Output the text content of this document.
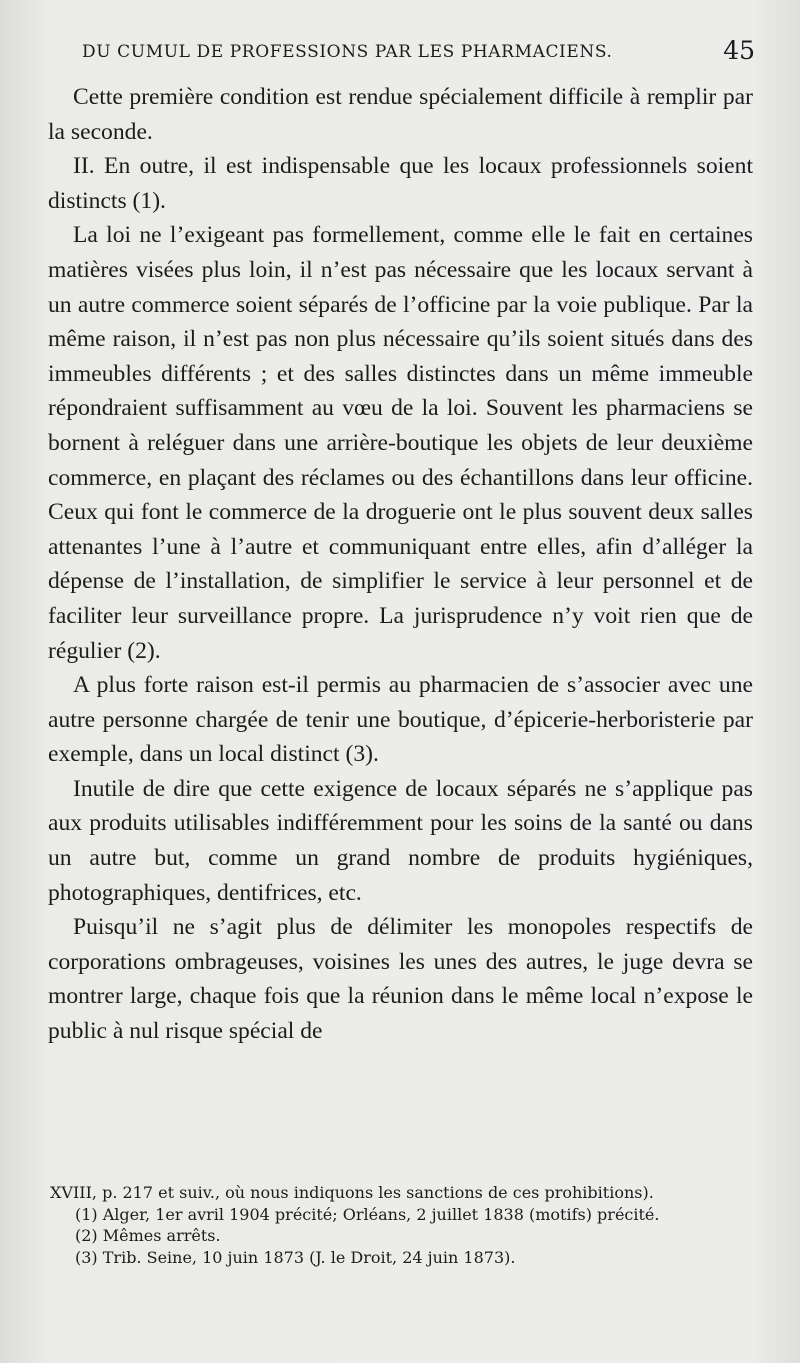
DU CUMUL DE PROFESSIONS PAR LES PHARMACIENS.	45

Cette première condition est rendue spécialement difficile à remplir par la seconde.

II. En outre, il est indispensable que les locaux professionnels soient distincts (1).

La loi ne l’exigeant pas formellement, comme elle le fait en certaines matières visées plus loin, il n’est pas nécessaire que les locaux servant à un autre commerce soient séparés de l’officine par la voie publique. Par la même raison, il n’est pas non plus nécessaire qu’ils soient situés dans des immeubles différents ; et des salles distinctes dans un même immeuble répondraient suffisamment au vœu de la loi. Souvent les pharmaciens se bornent à reléguer dans une arrière-boutique les objets de leur deuxième commerce, en plaçant des réclames ou des échantillons dans leur officine. Ceux qui font le commerce de la droguerie ont le plus souvent deux salles attenantes l’une à l’autre et communiquant entre elles, afin d’alléger la dépense de l’installation, de simplifier le service à leur personnel et de faciliter leur surveillance propre. La jurisprudence n’y voit rien que de régulier (2).

A plus forte raison est-il permis au pharmacien de s’associer avec une autre personne chargée de tenir une boutique, d’épicerie-herboristerie par exemple, dans un local distinct (3).

Inutile de dire que cette exigence de locaux séparés ne s’applique pas aux produits utilisables indifféremment pour les soins de la santé ou dans un autre but, comme un grand nombre de produits hygiéniques, photographiques, dentifrices, etc.

Puisqu’il ne s’agit plus de délimiter les monopoles respectifs de corporations ombrageuses, voisines les unes des autres, le juge devra se montrer large, chaque fois que la réunion dans le même local n’expose le public à nul risque spécial de

XVIII, p. 217 et suiv., où nous indiquons les sanctions de ces prohibitions).

(1) Alger, 1er avril 1904 précité; Orléans, 2 juillet 1838 (motifs) précité.

(2) Mêmes arrêts.

(3) Trib. Seine, 10 juin 1873 (J. le Droit, 24 juin 1873).
